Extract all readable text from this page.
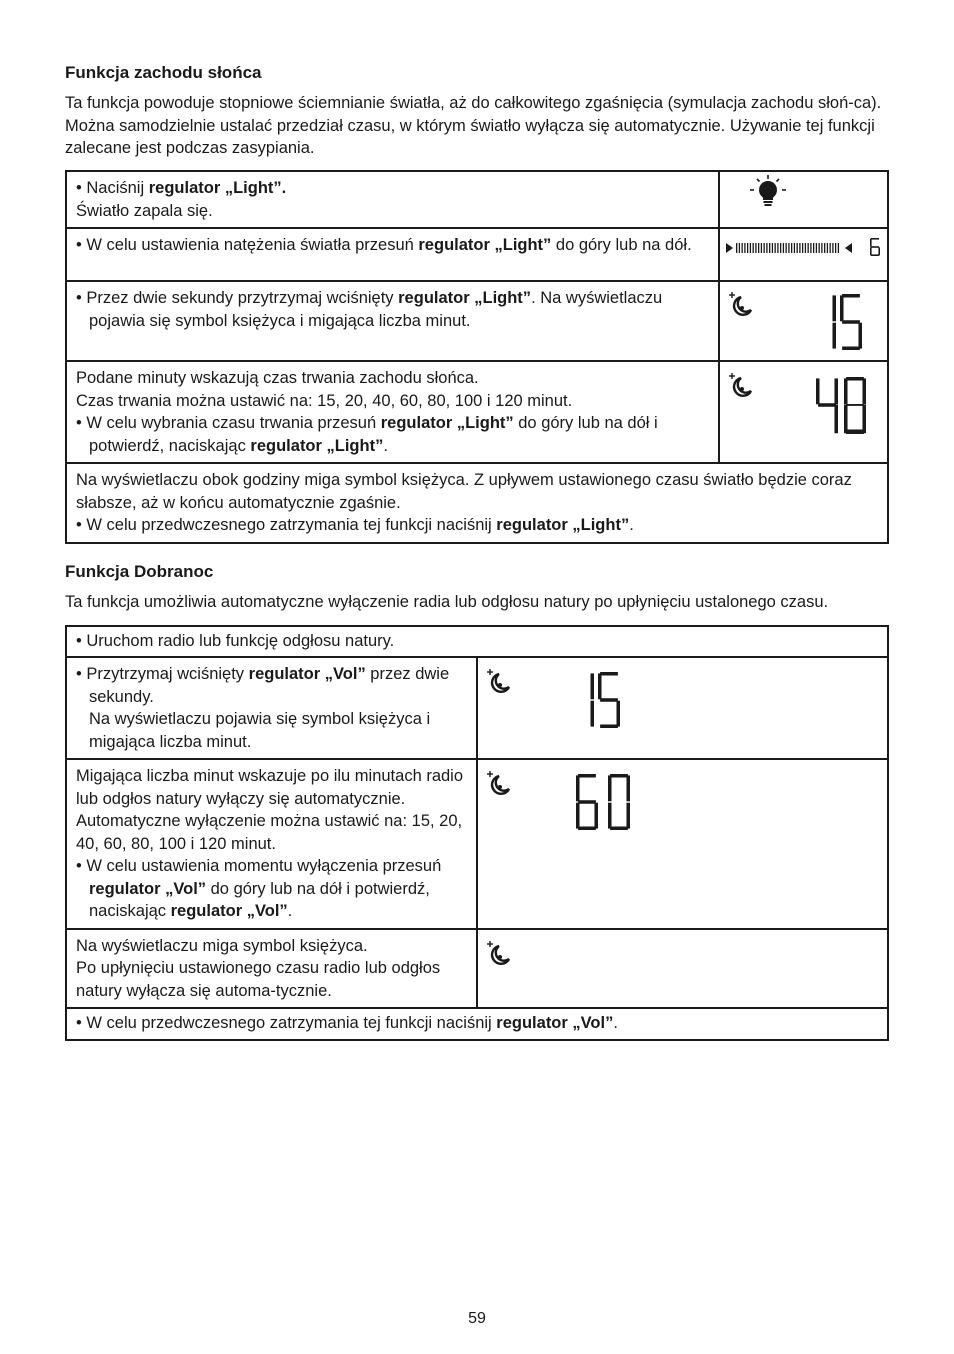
Funkcja zachodu słońca
Ta funkcja powoduje stopniowe ściemnianie światła, aż do całkowitego zgaśnięcia (symulacja zachodu słoń-ca). Można samodzielnie ustalać przedział czasu, w którym światło wyłącza się automatycznie. Używanie tej funkcji zalecane jest podczas zasypiania.
• Naciśnij regulator „Light”.
Światło zapala się.	

• W celu ustawienia natężenia światła przesuń regulator „Light” do góry lub na dół.

• Przez dwie sekundy przytrzymaj wciśnięty regulator „Light”. Na wyświetlaczu pojawia się symbol księżyca i migająca liczba minut.

Podane minuty wskazują czas trwania zachodu słońca.
Czas trwania można ustawić na: 15, 20, 40, 60, 80, 100 i 120 minut.
• W celu wybrania czasu trwania przesuń regulator „Light” do góry lub na dół i potwierdź, naciskając regulator „Light”.

Na wyświetlaczu obok godziny miga symbol księżyca. Z upływem ustawionego czasu światło będzie coraz słabsze, aż w końcu automatycznie zgaśnie.
• W celu przedwczesnego zatrzymania tej funkcji naciśnij regulator „Light”.
Funkcja Dobranoc
Ta funkcja umożliwia automatyczne wyłączenie radia lub odgłosu natury po upłynięciu ustalonego czasu.
• Uruchom radio lub funkcję odgłosu natury.

• Przytrzymaj wciśnięty regulator „Vol” przez dwie sekundy.
Na wyświetlaczu pojawia się symbol księżyca i migająca liczba minut.

Migająca liczba minut wskazuje po ilu minutach radio lub odgłos natury wyłączy się automatycznie.
Automatyczne wyłączenie można ustawić na: 15, 20, 40, 60, 80, 100 i 120 minut.
• W celu ustawienia momentu wyłączenia przesuń regulator „Vol” do góry lub na dół i potwierdź, naciskając regulator „Vol”.

Na wyświetlaczu miga symbol księżyca.
Po upłynięciu ustawionego czasu radio lub odgłos natury wyłącza się automa-tycznie.

• W celu przedwczesnego zatrzymania tej funkcji naciśnij regulator „Vol”.
59
